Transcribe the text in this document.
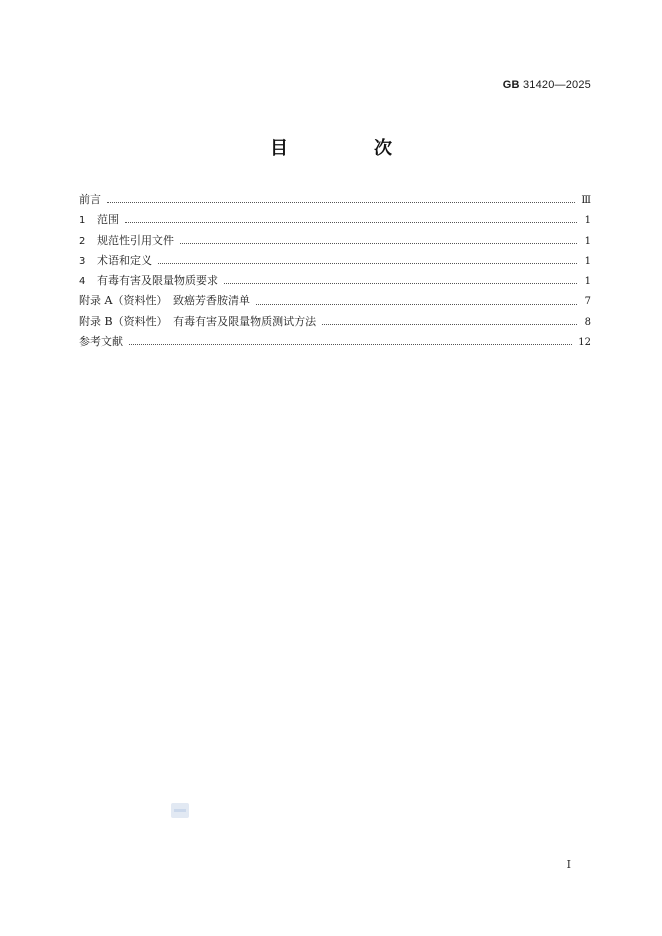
GB 31420—2025
目　次
前言	Ⅲ
1	范围	1
2	规范性引用文件	1
3	术语和定义	1
4	有毒有害及限量物质要求	1
附录 A（资料性）　致癌芳香胺清单	7
附录 B（资料性）　有毒有害及限量物质测试方法	8
参考文献	12
I
